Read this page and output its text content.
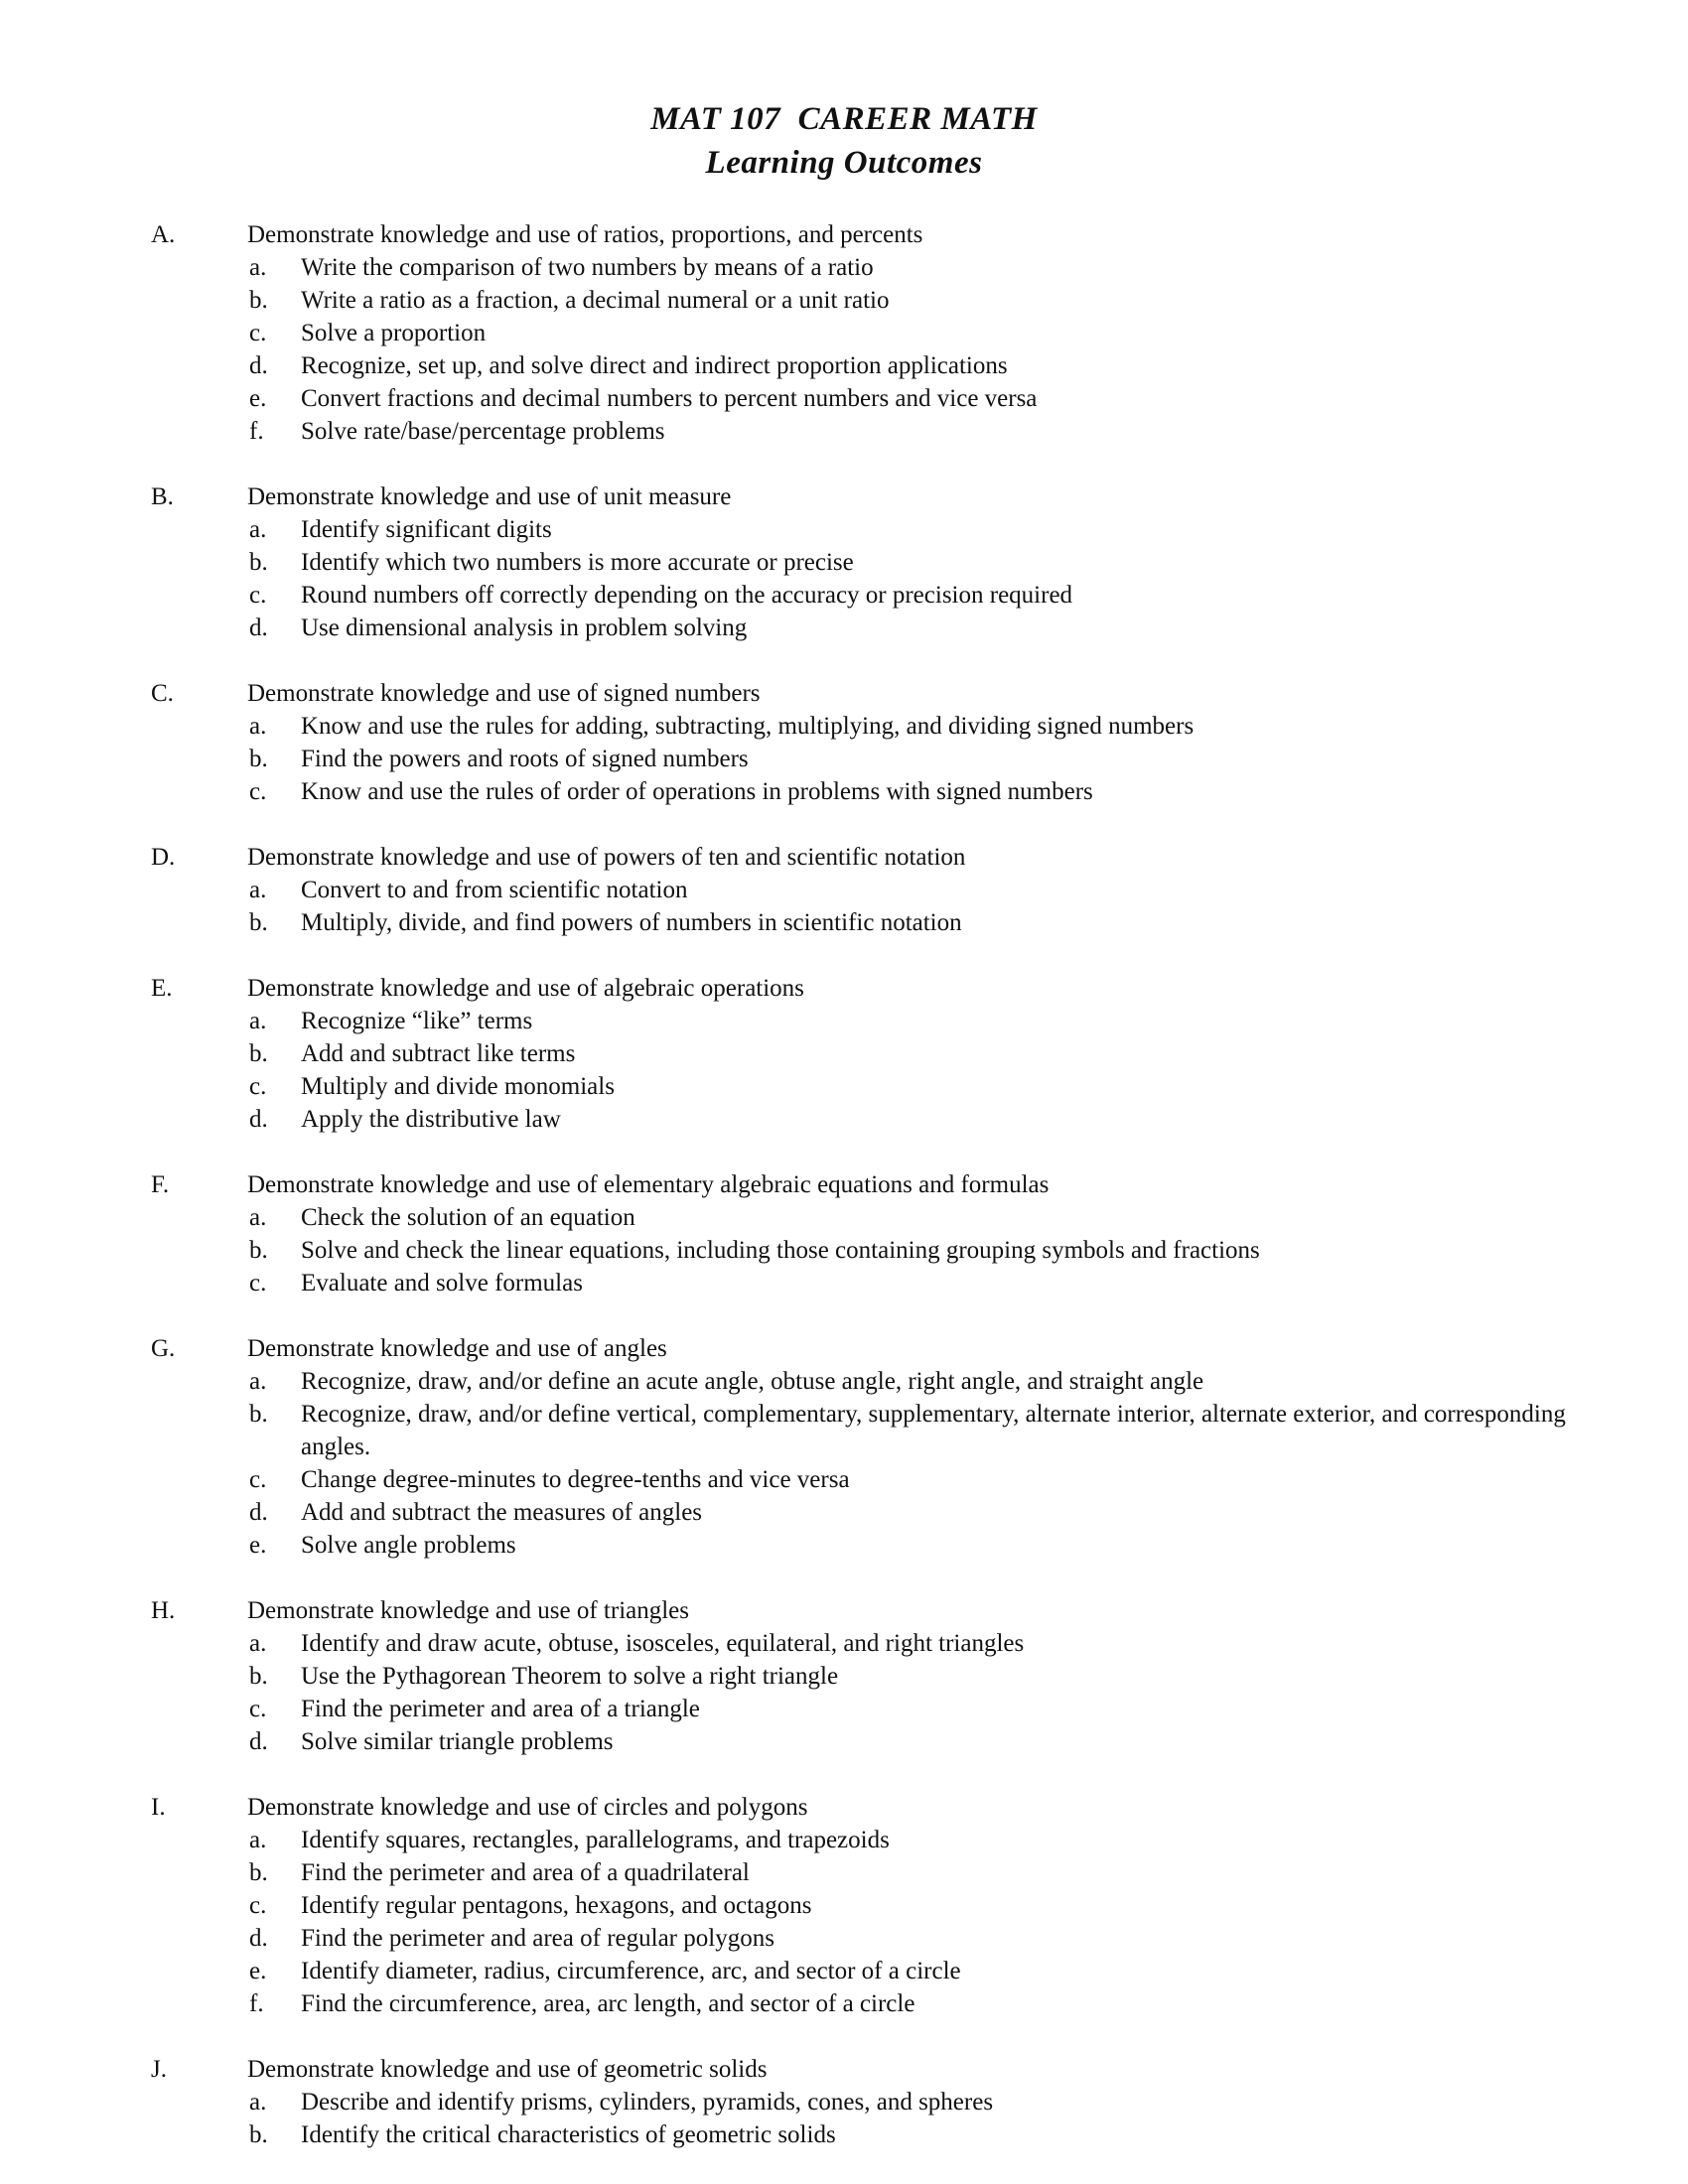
MAT 107  CAREER MATH
Learning Outcomes
A.	Demonstrate knowledge and use of ratios, proportions, and percents
a.	Write the comparison of two numbers by means of a ratio
b.	Write a ratio as a fraction, a decimal numeral or a unit ratio
c.	Solve a proportion
d.	Recognize, set up, and solve direct and indirect proportion applications
e.	Convert fractions and decimal numbers to percent numbers and vice versa
f.	Solve rate/base/percentage problems
B.	Demonstrate knowledge and use of unit measure
a.	Identify significant digits
b.	Identify which two numbers is more accurate or precise
c.	Round numbers off correctly depending on the accuracy or precision required
d.	Use dimensional analysis in problem solving
C.	Demonstrate knowledge and use of signed numbers
a.	Know and use the rules for adding, subtracting, multiplying, and dividing signed numbers
b.	Find the powers and roots of signed numbers
c.	Know and use the rules of order of operations in problems with signed numbers
D.	Demonstrate knowledge and use of powers of ten and scientific notation
a.	Convert to and from scientific notation
b.	Multiply, divide, and find powers of numbers in scientific notation
E.	Demonstrate knowledge and use of algebraic operations
a.	Recognize “like” terms
b.	Add and subtract like terms
c.	Multiply and divide monomials
d.	Apply the distributive law
F.	Demonstrate knowledge and use of elementary algebraic equations and formulas
a.	Check the solution of an equation
b.	Solve and check the linear equations, including those containing grouping symbols and fractions
c.	Evaluate and solve formulas
G.	Demonstrate knowledge and use of angles
a.	Recognize, draw, and/or define an acute angle, obtuse angle, right angle, and straight angle
b.	Recognize, draw, and/or define vertical, complementary, supplementary, alternate interior, alternate exterior, and corresponding angles.
c.	Change degree-minutes to degree-tenths and vice versa
d.	Add and subtract the measures of angles
e.	Solve angle problems
H.	Demonstrate knowledge and use of triangles
a.	Identify and draw acute, obtuse, isosceles, equilateral, and right triangles
b.	Use the Pythagorean Theorem to solve a right triangle
c.	Find the perimeter and area of a triangle
d.	Solve similar triangle problems
I.	Demonstrate knowledge and use of circles and polygons
a.	Identify squares, rectangles, parallelograms, and trapezoids
b.	Find the perimeter and area of a quadrilateral
c.	Identify regular pentagons, hexagons, and octagons
d.	Find the perimeter and area of regular polygons
e.	Identify diameter, radius, circumference, arc, and sector of a circle
f.	Find the circumference, area, arc length, and sector of a circle
J.	Demonstrate knowledge and use of geometric solids
a.	Describe and identify prisms, cylinders, pyramids, cones, and spheres
b.	Identify the critical characteristics of geometric solids
